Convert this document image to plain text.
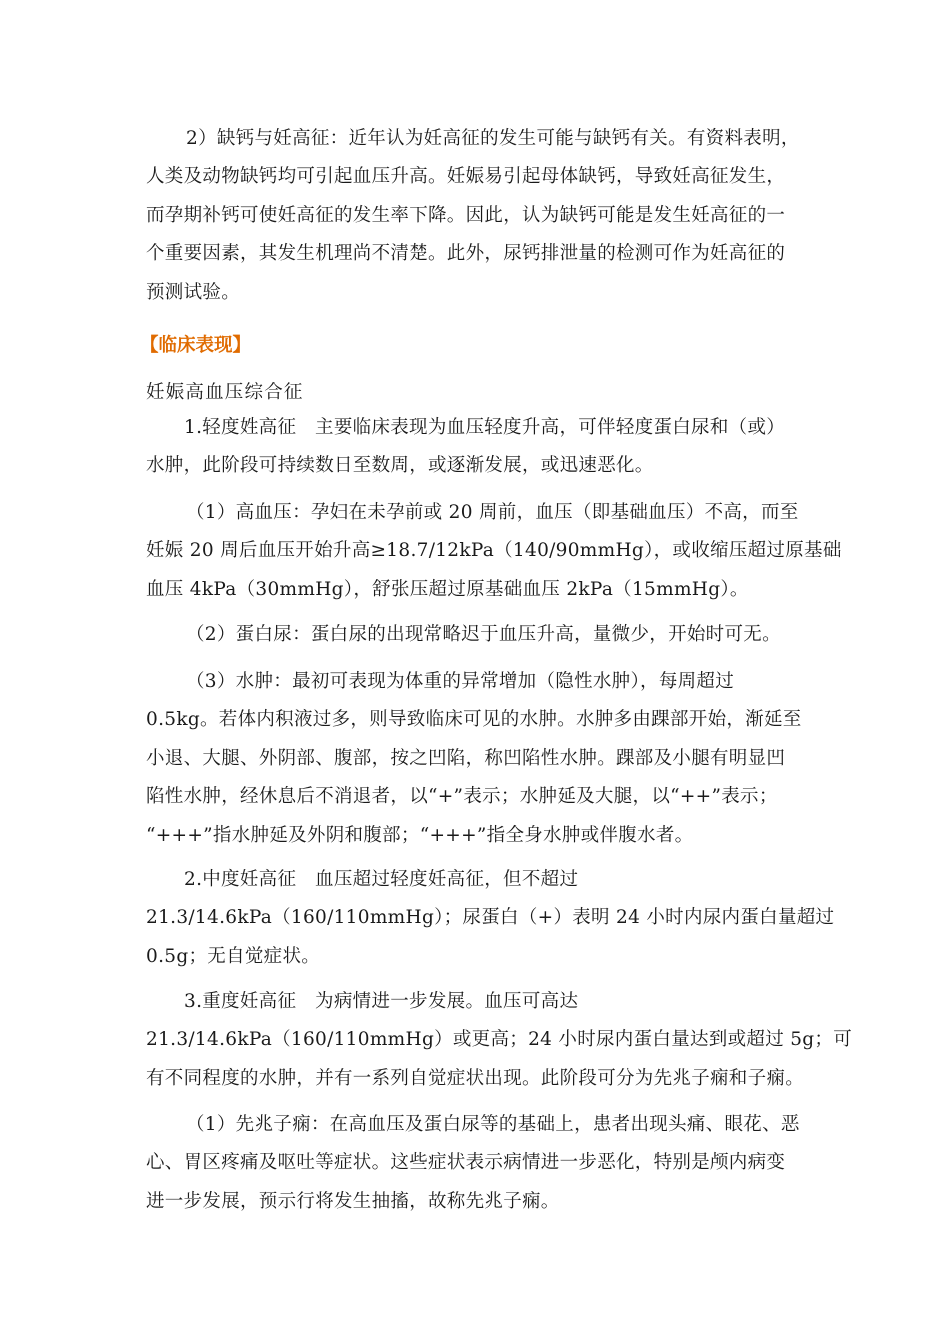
2）缺钙与妊高征：近年认为妊高征的发生可能与缺钙有关。有资料表明，
人类及动物缺钙均可引起血压升高。妊娠易引起母体缺钙，导致妊高征发生，
而孕期补钙可使妊高征的发生率下降。因此，认为缺钙可能是发生妊高征的一
个重要因素，其发生机理尚不清楚。此外，尿钙排泄量的检测可作为妊高征的
预测试验。
【临床表现】
妊娠高血压综合征
1.轻度姓高征　主要临床表现为血压轻度升高，可伴轻度蛋白尿和（或）
水肿，此阶段可持续数日至数周，或逐渐发展，或迅速恶化。
（1）高血压：孕妇在未孕前或 20 周前，血压（即基础血压）不高，而至
妊娠 20 周后血压开始升高≥18.7/12kPa（140/90mmHg），或收缩压超过原基础
血压 4kPa（30mmHg），舒张压超过原基础血压 2kPa（15mmHg）。
（2）蛋白尿：蛋白尿的出现常略迟于血压升高，量微少，开始时可无。
（3）水肿：最初可表现为体重的异常增加（隐性水肿），每周超过
0.5kg。若体内积液过多，则导致临床可见的水肿。水肿多由踝部开始，渐延至
小退、大腿、外阴部、腹部，按之凹陷，称凹陷性水肿。踝部及小腿有明显凹
陷性水肿，经休息后不消退者，以“+”表示；水肿延及大腿，以“++”表示；
“+++”指水肿延及外阴和腹部；“+++”指全身水肿或伴腹水者。
2.中度妊高征　血压超过轻度妊高征，但不超过
21.3/14.6kPa（160/110mmHg）；尿蛋白（+）表明 24 小时内尿内蛋白量超过
0.5g；无自觉症状。
3.重度妊高征　为病情进一步发展。血压可高达
21.3/14.6kPa（160/110mmHg）或更高；24 小时尿内蛋白量达到或超过 5g；可
有不同程度的水肿，并有一系列自觉症状出现。此阶段可分为先兆子痫和子痫。
（1）先兆子痫：在高血压及蛋白尿等的基础上，患者出现头痛、眼花、恶
心、胃区疼痛及呕吐等症状。这些症状表示病情进一步恶化，特别是颅内病变
进一步发展，预示行将发生抽搐，故称先兆子痫。
